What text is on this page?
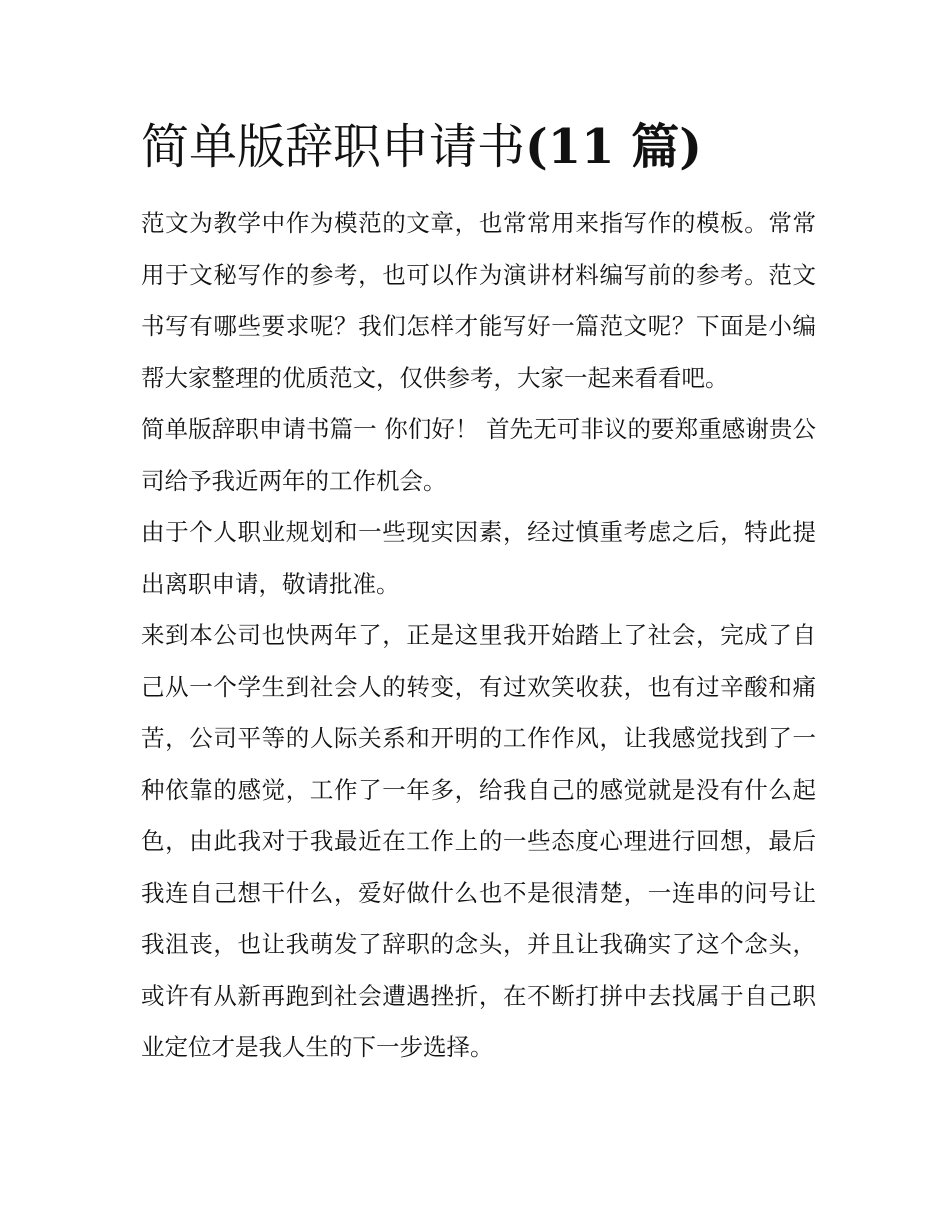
简单版辞职申请书(11 篇)

范文为教学中作为模范的文章，也常常用来指写作的模板。常常用于文秘写作的参考，也可以作为演讲材料编写前的参考。范文书写有哪些要求呢？我们怎样才能写好一篇范文呢？下面是小编帮大家整理的优质范文，仅供参考，大家一起来看看吧。

简单版辞职申请书篇一 你们好！ 首先无可非议的要郑重感谢贵公司给予我近两年的工作机会。

由于个人职业规划和一些现实因素，经过慎重考虑之后，特此提出离职申请，敬请批准。

来到本公司也快两年了，正是这里我开始踏上了社会，完成了自己从一个学生到社会人的转变，有过欢笑收获，也有过辛酸和痛苦，公司平等的人际关系和开明的工作作风，让我感觉找到了一种依靠的感觉，工作了一年多，给我自己的感觉就是没有什么起色，由此我对于我最近在工作上的一些态度心理进行回想，最后我连自己想干什么，爱好做什么也不是很清楚，一连串的问号让我沮丧，也让我萌发了辞职的念头，并且让我确实了这个念头，或许有从新再跑到社会遭遇挫折，在不断打拼中去找属于自己职业定位才是我人生的下一步选择。
